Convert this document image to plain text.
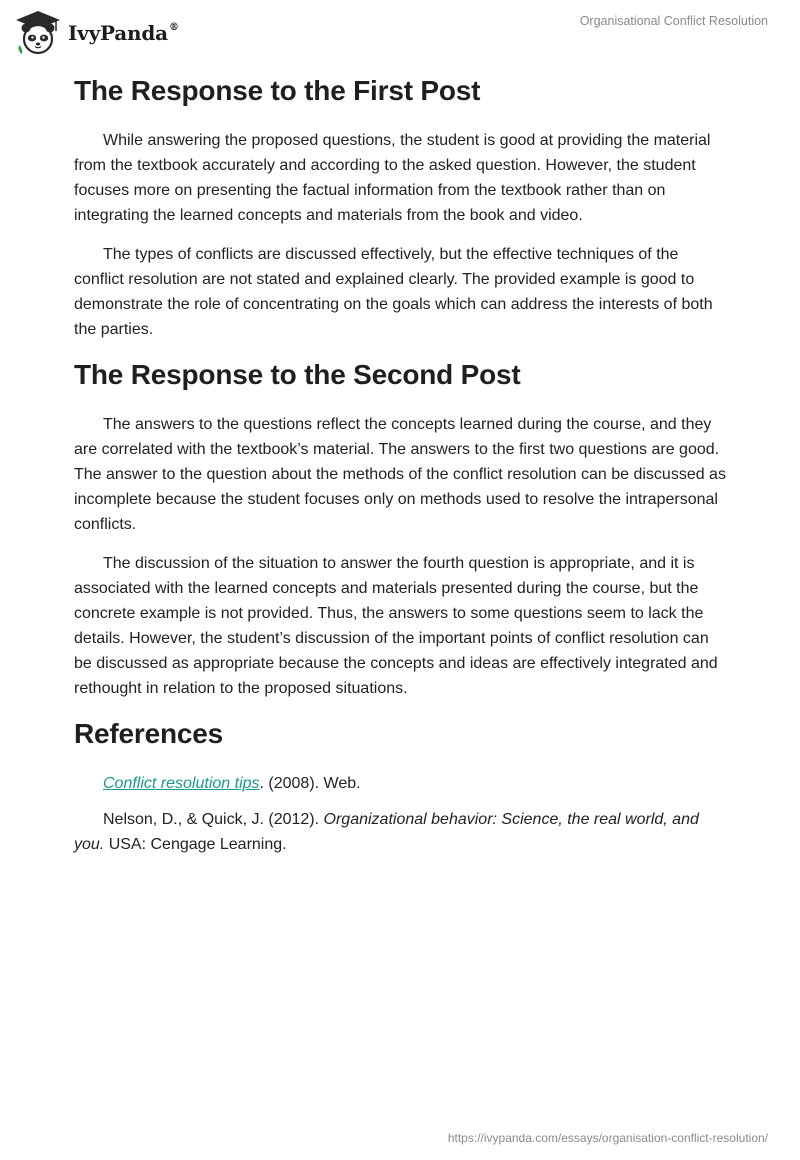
IvyPanda®	Organisational Conflict Resolution
The Response to the First Post

While answering the proposed questions, the student is good at providing the material from the textbook accurately and according to the asked question. However, the student focuses more on presenting the factual information from the textbook rather than on integrating the learned concepts and materials from the book and video.

The types of conflicts are discussed effectively, but the effective techniques of the conflict resolution are not stated and explained clearly. The provided example is good to demonstrate the role of concentrating on the goals which can address the interests of both the parties.

The Response to the Second Post

The answers to the questions reflect the concepts learned during the course, and they are correlated with the textbook’s material. The answers to the first two questions are good. The answer to the question about the methods of the conflict resolution can be discussed as incomplete because the student focuses only on methods used to resolve the intrapersonal conflicts.

The discussion of the situation to answer the fourth question is appropriate, and it is associated with the learned concepts and materials presented during the course, but the concrete example is not provided. Thus, the answers to some questions seem to lack the details. However, the student’s discussion of the important points of conflict resolution can be discussed as appropriate because the concepts and ideas are effectively integrated and rethought in relation to the proposed situations.

References

Conflict resolution tips. (2008). Web.

Nelson, D., & Quick, J. (2012). Organizational behavior: Science, the real world, and you. USA: Cengage Learning.

https://ivypanda.com/essays/organisation-conflict-resolution/
